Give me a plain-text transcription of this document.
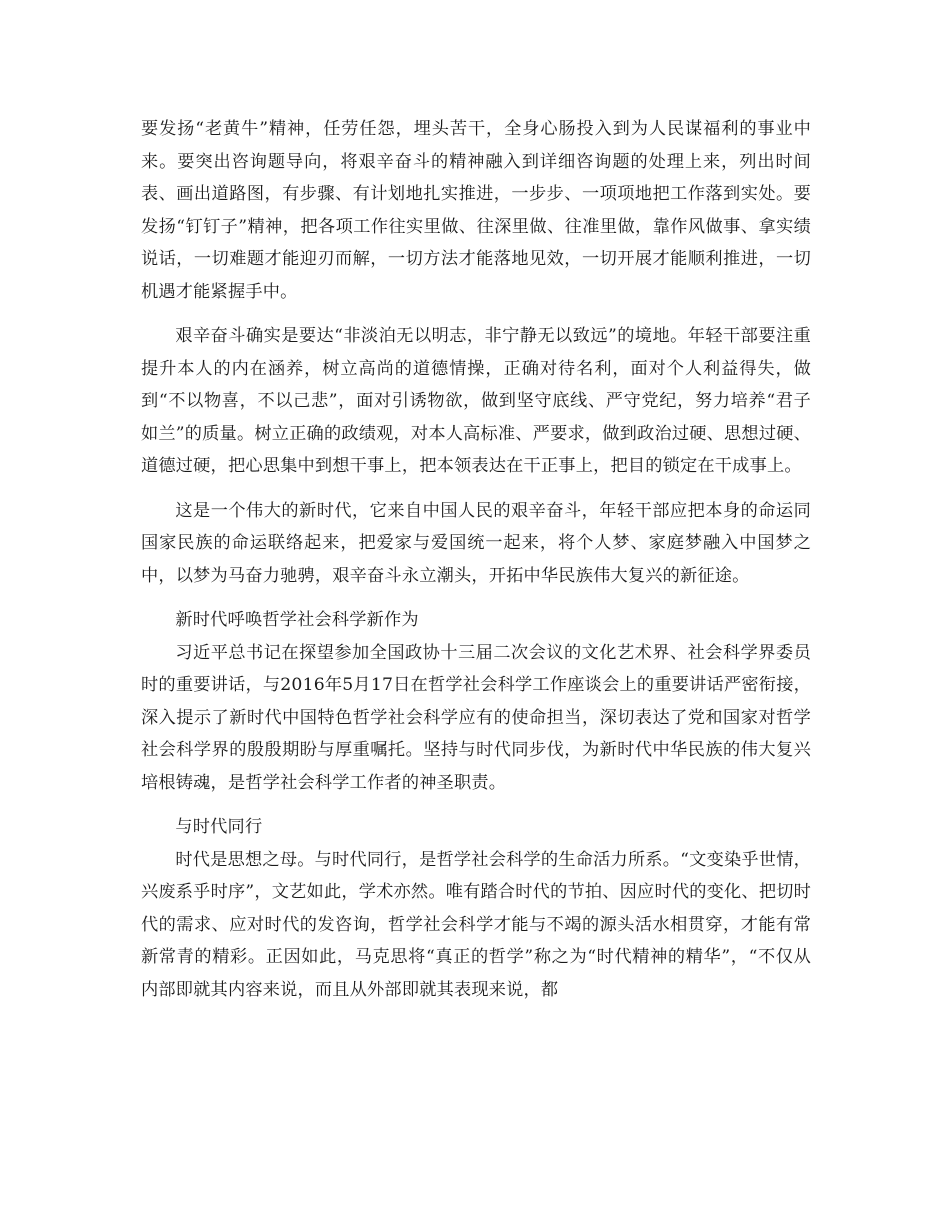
要发扬“老黄牛”精神，任劳任怨，埋头苦干，全身心肠投入到为人民谋福利的事业中来。要突出咨询题导向，将艰辛奋斗的精神融入到详细咨询题的处理上来，列出时间表、画出道路图，有步骤、有计划地扎实推进，一步步、一项项地把工作落到实处。要发扬“钉钉子”精神，把各项工作往实里做、往深里做、往准里做，靠作风做事、拿实绩说话，一切难题才能迎刃而解，一切方法才能落地见效，一切开展才能顺利推进，一切机遇才能紧握手中。

艰辛奋斗确实是要达“非淡泊无以明志，非宁静无以致远”的境地。年轻干部要注重提升本人的内在涵养，树立高尚的道德情操，正确对待名利，面对个人利益得失，做到“不以物喜，不以己悲”，面对引诱物欲，做到坚守底线、严守党纪，努力培养“君子如兰”的质量。树立正确的政绩观，对本人高标准、严要求，做到政治过硬、思想过硬、道德过硬，把心思集中到想干事上，把本领表达在干正事上，把目的锁定在干成事上。

这是一个伟大的新时代，它来自中国人民的艰辛奋斗，年轻干部应把本身的命运同国家民族的命运联络起来，把爱家与爱国统一起来，将个人梦、家庭梦融入中国梦之中，以梦为马奋力驰骋，艰辛奋斗永立潮头，开拓中华民族伟大复兴的新征途。

新时代呼唤哲学社会科学新作为

习近平总书记在探望参加全国政协十三届二次会议的文化艺术界、社会科学界委员时的重要讲话，与2016年5月17日在哲学社会科学工作座谈会上的重要讲话严密衔接，深入提示了新时代中国特色哲学社会科学应有的使命担当，深切表达了党和国家对哲学社会科学界的殷殷期盼与厚重嘱托。坚持与时代同步伐，为新时代中华民族的伟大复兴培根铸魂，是哲学社会科学工作者的神圣职责。

与时代同行

时代是思想之母。与时代同行，是哲学社会科学的生命活力所系。“文变染乎世情，兴废系乎时序”，文艺如此，学术亦然。唯有踏合时代的节拍、因应时代的变化、把切时代的需求、应对时代的发咨询，哲学社会科学才能与不竭的源头活水相贯穿，才能有常新常青的精彩。正因如此，马克思将“真正的哲学”称之为“时代精神的精华”，“不仅从内部即就其内容来说，而且从外部即就其表现来说，都
